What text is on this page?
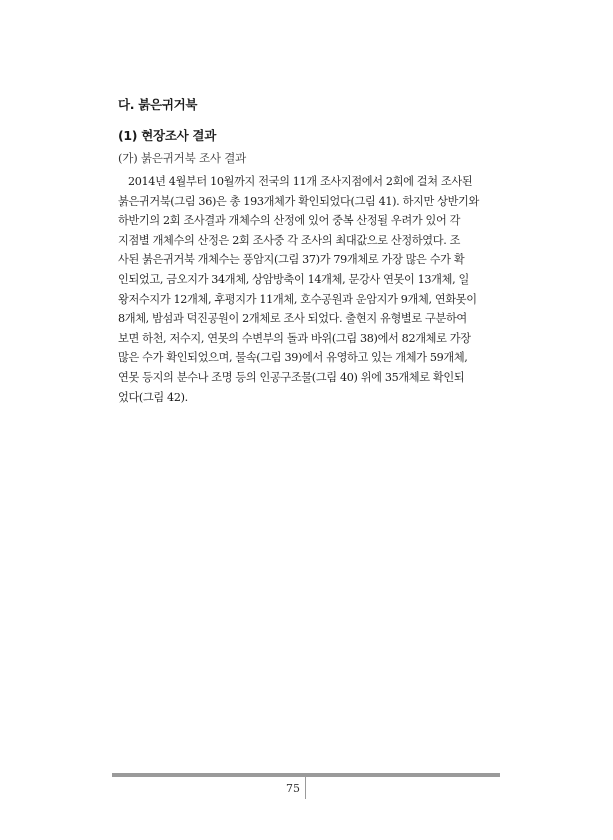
다. 붉은귀거북
(1) 현장조사 결과
(가) 붉은귀거북 조사 결과
2014년 4월부터 10월까지 전국의 11개 조사지점에서 2회에 걸쳐 조사된
붉은귀거북(그림 36)은 총 193개체가 확인되었다(그림 41). 하지만 상반기와
하반기의 2회 조사결과 개체수의 산정에 있어 중복 산정될 우려가 있어 각
지점별 개체수의 산정은 2회 조사중 각 조사의 최대값으로 산정하였다. 조
사된 붉은귀거북 개체수는 풍암지(그림 37)가 79개체로 가장 많은 수가 확
인되었고, 금오지가 34개체, 상암방축이 14개체, 문강사 연못이 13개체, 일
왕저수지가 12개체, 후평지가 11개체, 호수공원과 운암지가 9개체, 연화못이
8개체, 밤섬과 덕진공원이 2개체로 조사 되었다. 출현지 유형별로 구분하여
보면 하천, 저수지, 연못의 수변부의 돌과 바위(그림 38)에서 82개체로 가장
많은 수가 확인되었으며, 물속(그림 39)에서 유영하고 있는 개체가 59개체,
연못 등지의 분수나 조명 등의 인공구조물(그림 40) 위에 35개체로 확인되
었다(그림 42).
75
